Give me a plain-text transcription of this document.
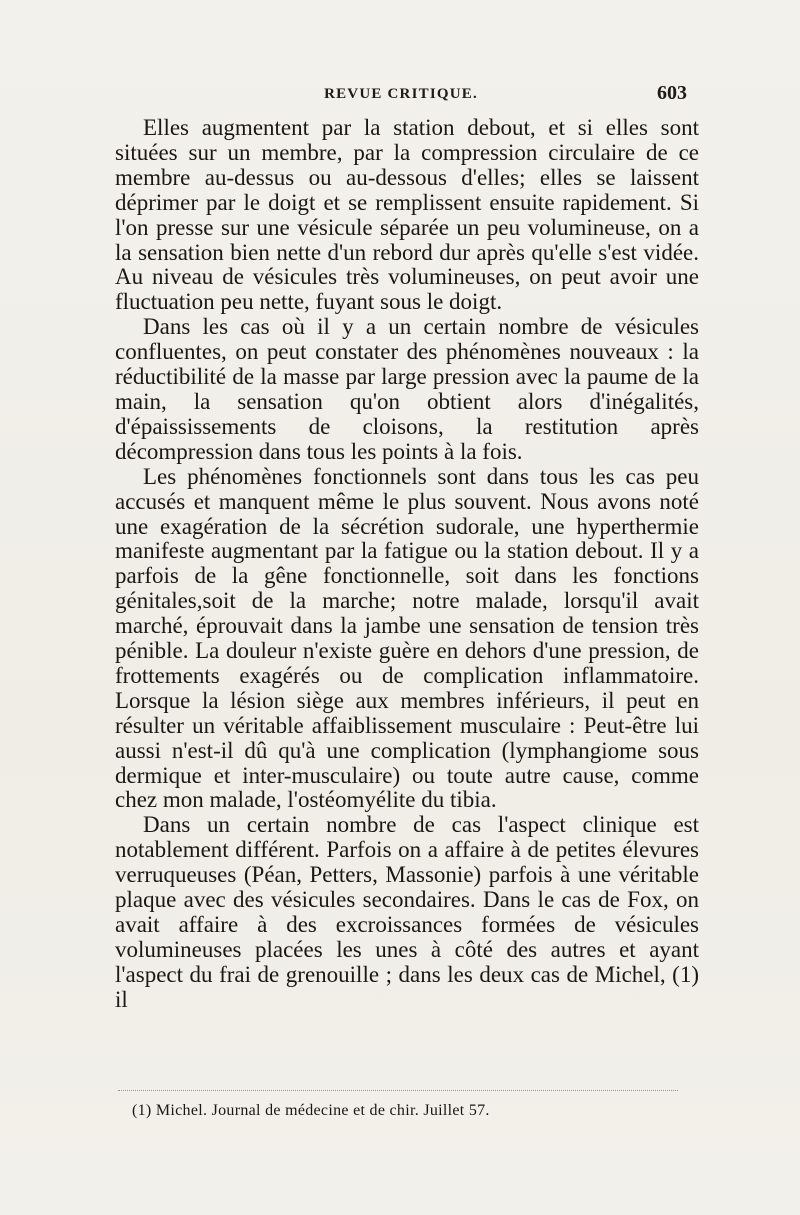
REVUE CRITIQUE.	603

Elles augmentent par la station debout, et si elles sont situées sur un membre, par la compression circulaire de ce membre au-dessus ou au-dessous d'elles; elles se laissent déprimer par le doigt et se remplissent ensuite rapidement. Si l'on presse sur une vésicule séparée un peu volumineuse, on a la sensation bien nette d'un rebord dur après qu'elle s'est vidée. Au niveau de vésicules très volumineuses, on peut avoir une fluctuation peu nette, fuyant sous le doigt.

Dans les cas où il y a un certain nombre de vésicules confluentes, on peut constater des phénomènes nouveaux : la réductibilité de la masse par large pression avec la paume de la main, la sensation qu'on obtient alors d'inégalités, d'épaississements de cloisons, la restitution après décompression dans tous les points à la fois.

Les phénomènes fonctionnels sont dans tous les cas peu accusés et manquent même le plus souvent. Nous avons noté une exagération de la sécrétion sudorale, une hyperthermie manifeste augmentant par la fatigue ou la station debout. Il y a parfois de la gêne fonctionnelle, soit dans les fonctions génitales,soit de la marche; notre malade, lorsqu'il avait marché, éprouvait dans la jambe une sensation de tension très pénible. La douleur n'existe guère en dehors d'une pression, de frottements exagérés ou de complication inflammatoire. Lorsque la lésion siège aux membres inférieurs, il peut en résulter un véritable affaiblissement musculaire : Peut-être lui aussi n'est-il dû qu'à une complication (lymphangiome sous dermique et inter-musculaire) ou toute autre cause, comme chez mon malade, l'ostéomyélite du tibia.

Dans un certain nombre de cas l'aspect clinique est notablement différent. Parfois on a affaire à de petites élevures verruqueuses (Péan, Petters, Massonie) parfois à une véritable plaque avec des vésicules secondaires. Dans le cas de Fox, on avait affaire à des excroissances formées de vésicules volumineuses placées les unes à côté des autres et ayant l'aspect du frai de grenouille ; dans les deux cas de Michel, (1) il

(1) Michel. Journal de médecine et de chir. Juillet 57.
